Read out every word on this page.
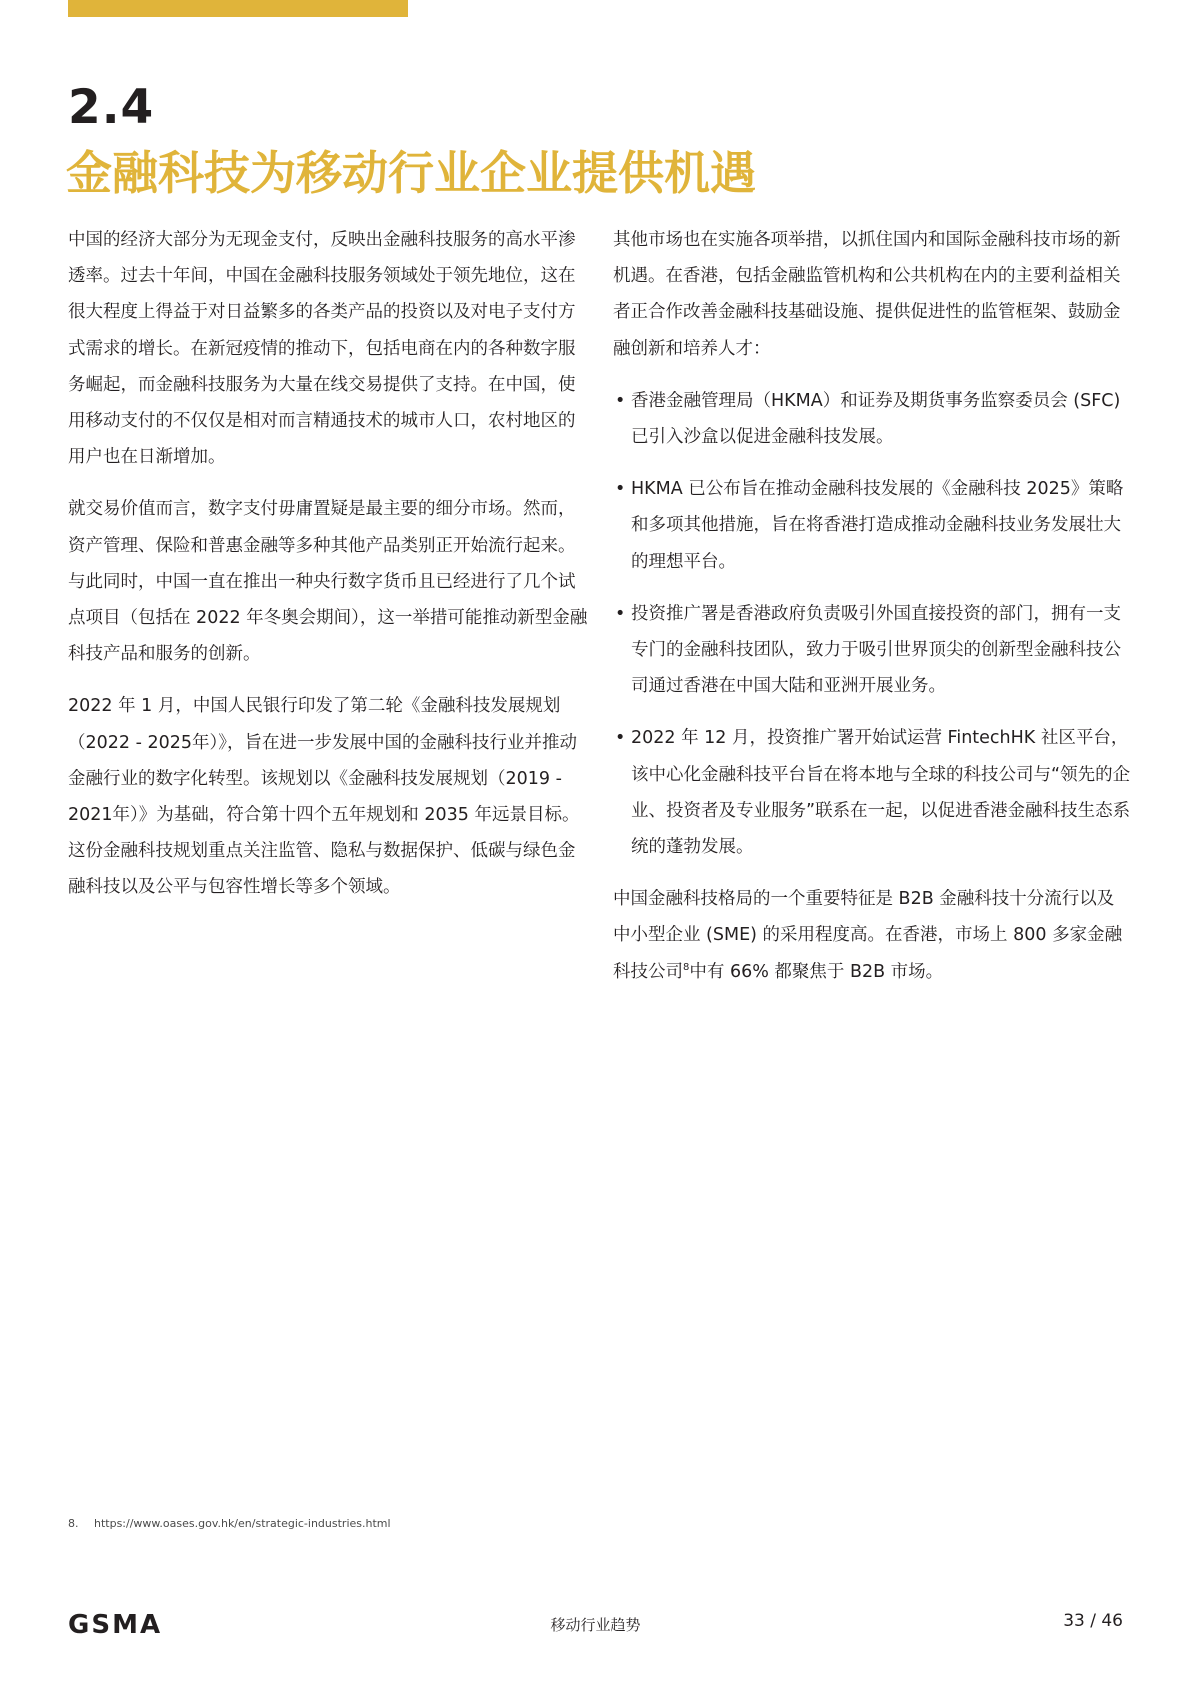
2.4
金融科技为移动行业企业提供机遇

中国的经济大部分为无现金支付，反映出金融科技服务的高水平渗透率。过去十年间，中国在金融科技服务领域处于领先地位，这在很大程度上得益于对日益繁多的各类产品的投资以及对电子支付方式需求的增长。在新冠疫情的推动下，包括电商在内的各种数字服务崛起，而金融科技服务为大量在线交易提供了支持。在中国，使用移动支付的不仅仅是相对而言精通技术的城市人口，农村地区的用户也在日渐增加。

就交易价值而言，数字支付毋庸置疑是最主要的细分市场。然而，资产管理、保险和普惠金融等多种其他产品类别正开始流行起来。与此同时，中国一直在推出一种央行数字货币且已经进行了几个试点项目（包括在 2022 年冬奥会期间），这一举措可能推动新型金融科技产品和服务的创新。

2022 年 1 月，中国人民银行印发了第二轮《金融科技发展规划（2022 - 2025年）》，旨在进一步发展中国的金融科技行业并推动金融行业的数字化转型。该规划以《金融科技发展规划（2019 - 2021年）》为基础，符合第十四个五年规划和 2035 年远景目标。这份金融科技规划重点关注监管、隐私与数据保护、低碳与绿色金融科技以及公平与包容性增长等多个领域。

其他市场也在实施各项举措，以抓住国内和国际金融科技市场的新机遇。在香港，包括金融监管机构和公共机构在内的主要利益相关者正合作改善金融科技基础设施、提供促进性的监管框架、鼓励金融创新和培养人才：

• 香港金融管理局（HKMA）和证券及期货事务监察委员会 (SFC) 已引入沙盒以促进金融科技发展。
• HKMA 已公布旨在推动金融科技发展的《金融科技 2025》策略和多项其他措施，旨在将香港打造成推动金融科技业务发展壮大的理想平台。
• 投资推广署是香港政府负责吸引外国直接投资的部门，拥有一支专门的金融科技团队，致力于吸引世界顶尖的创新型金融科技公司通过香港在中国大陆和亚洲开展业务。
• 2022 年 12 月，投资推广署开始试运营 FintechHK 社区平台，该中心化金融科技平台旨在将本地与全球的科技公司与“领先的企业、投资者及专业服务”联系在一起，以促进香港金融科技生态系统的蓬勃发展。

中国金融科技格局的一个重要特征是 B2B 金融科技十分流行以及中小型企业 (SME) 的采用程度高。在香港，市场上 800 多家金融科技公司$^8$中有 66% 都聚焦于 B2B 市场。

8. https://www.oases.gov.hk/en/strategic-industries.html
GSMA	移动行业趋势	33 / 46
